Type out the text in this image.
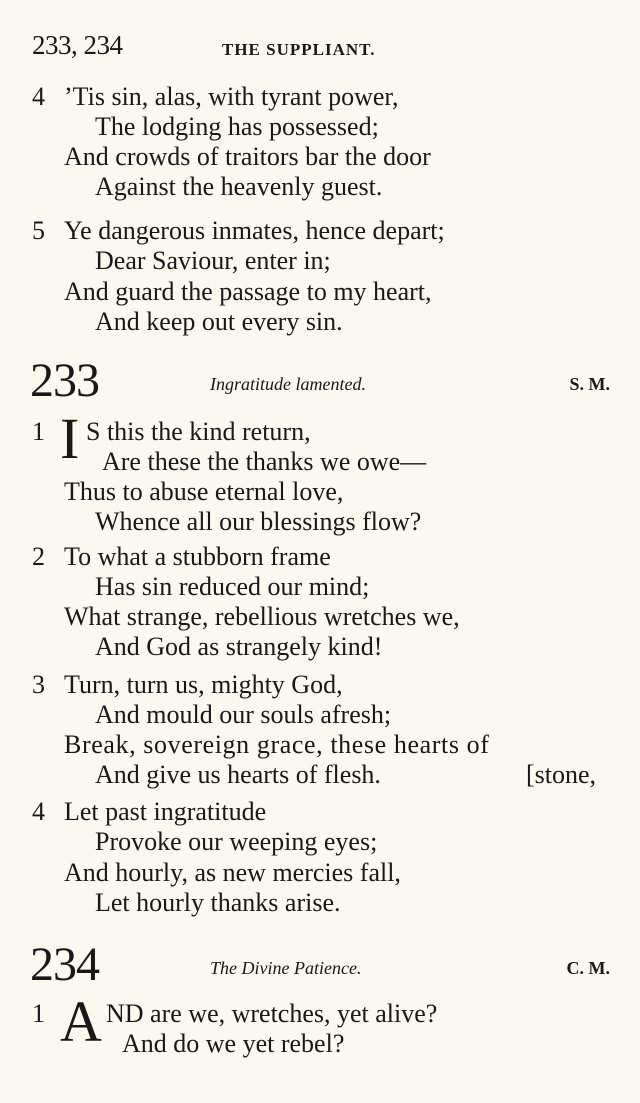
233, 234	THE SUPPLIANT.
4 ’Tis sin, alas, with tyrant power,
The lodging has possessed;
And crowds of traitors bar the door
Against the heavenly guest.
5 Ye dangerous inmates, hence depart;
Dear Saviour, enter in;
And guard the passage to my heart,
And keep out every sin.
233	Ingratitude lamented.	S. M.
1 I S this the kind return,
Are these the thanks we owe—
Thus to abuse eternal love,
Whence all our blessings flow?
2 To what a stubborn frame
Has sin reduced our mind;
What strange, rebellious wretches we,
And God as strangely kind!
3 Turn, turn us, mighty God,
And mould our souls afresh;
Break, sovereign grace, these hearts of
And give us hearts of flesh.	[stone,
4 Let past ingratitude
Provoke our weeping eyes;
And hourly, as new mercies fall,
Let hourly thanks arise.
234	The Divine Patience.	C. M.
1 A ND are we, wretches, yet alive?
And do we yet rebel?
